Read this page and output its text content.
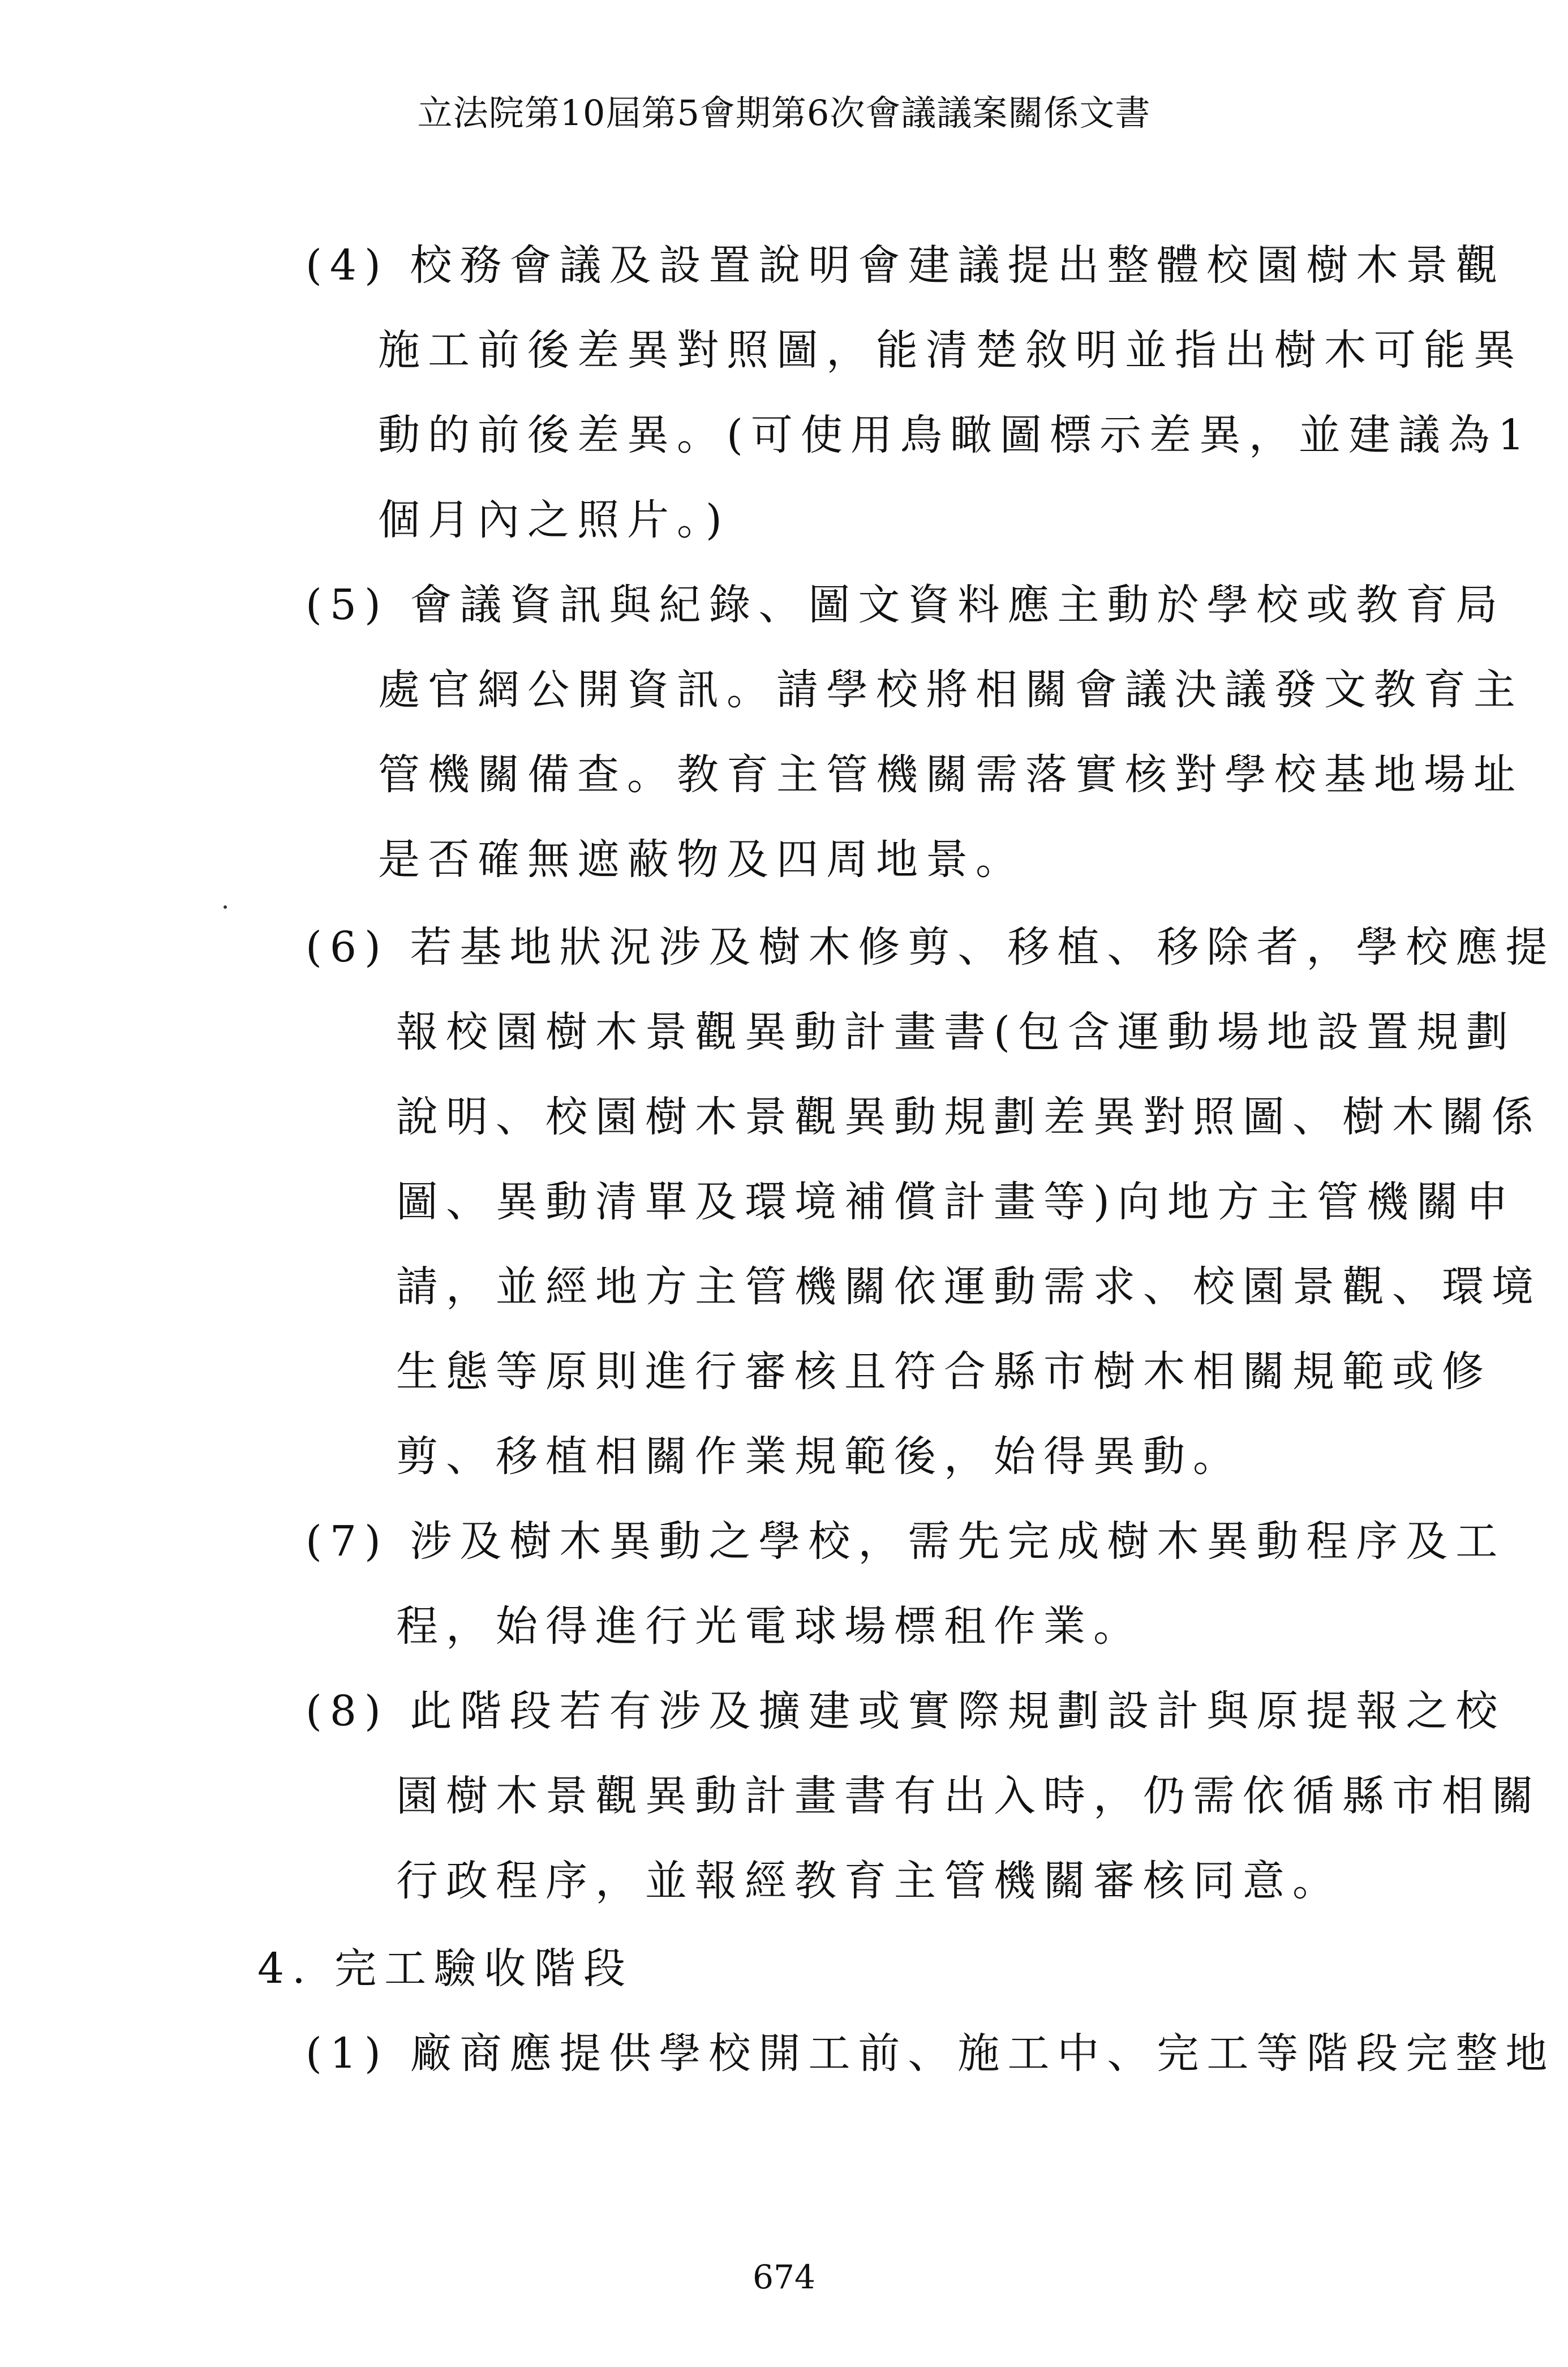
立法院第10屆第5會期第6次會議議案關係文書
(4) 校務會議及設置說明會建議提出整體校園樹木景觀
施工前後差異對照圖，能清楚敘明並指出樹木可能異
動的前後差異。(可使用鳥瞰圖標示差異，並建議為1
個月內之照片。)
(5) 會議資訊與紀錄、圖文資料應主動於學校或教育局
處官網公開資訊。請學校將相關會議決議發文教育主
管機關備查。教育主管機關需落實核對學校基地場址
是否確無遮蔽物及四周地景。
(6) 若基地狀況涉及樹木修剪、移植、移除者，學校應提
報校園樹木景觀異動計畫書(包含運動場地設置規劃
說明、校園樹木景觀異動規劃差異對照圖、樹木關係
圖、異動清單及環境補償計畫等)向地方主管機關申
請，並經地方主管機關依運動需求、校園景觀、環境
生態等原則進行審核且符合縣市樹木相關規範或修
剪、移植相關作業規範後，始得異動。
(7) 涉及樹木異動之學校，需先完成樹木異動程序及工
程，始得進行光電球場標租作業。
(8) 此階段若有涉及擴建或實際規劃設計與原提報之校
園樹木景觀異動計畫書有出入時，仍需依循縣市相關
行政程序，並報經教育主管機關審核同意。
4. 完工驗收階段
(1) 廠商應提供學校開工前、施工中、完工等階段完整地
674
